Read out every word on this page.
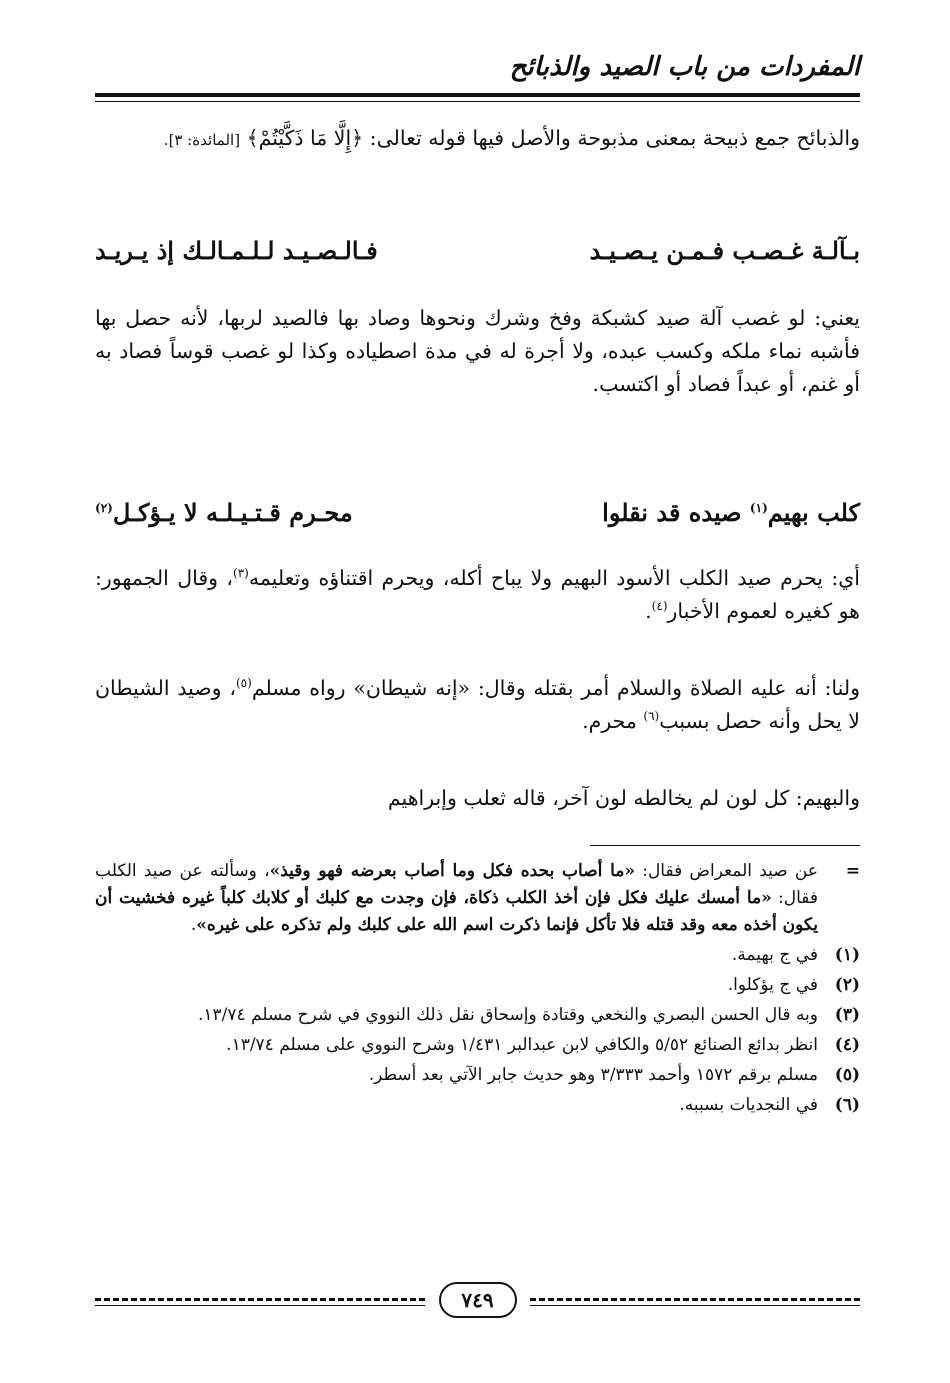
المفردات من باب الصيد والذبائح
والذبائح جمع ذبيحة بمعنى مذبوحة والأصل فيها قوله تعالى: ﴿إِلَّا مَا ذَكَّيْتُمْ﴾ [المائدة: ٣].
بـآلـة غـصـب فـمـن يـصـيـد
فـالـصـيـد لـلـمـالـك إذ يـريـد
يعني: لو غصب آلة صيد كشبكة وفخ وشرك ونحوها وصاد بها فالصيد لربها، لأنه حصل بها فأشبه نماء ملكه وكسب عبده، ولا أجرة له في مدة اصطياده وكذا لو غصب قوساً فصاد به أو غنم، أو عبداً فصاد أو اكتسب.
كلب بهيم$^{(١)}$ صيده قد نقلوا
محـرم قـتـيـلـه لا يـؤكـل$^{(٢)}$
أي: يحرم صيد الكلب الأسود البهيم ولا يباح أكله، ويحرم اقتناؤه وتعليمه$^{(٣)}$، وقال الجمهور: هو كغيره لعموم الأخبار$^{(٤)}$.
ولنا: أنه عليه الصلاة والسلام أمر بقتله وقال: «إنه شيطان» رواه مسلم$^{(٥)}$، وصيد الشيطان لا يحل وأنه حصل بسبب$^{(٦)}$ محرم.
والبهيم: كل لون لم يخالطه لون آخر، قاله ثعلب وإبراهيم
=
عن صيد المعراض فقال: «ما أصاب بحده فكل وما أصاب بعرضه فهو وقيذ»، وسألته عن صيد الكلب فقال: «ما أمسك عليك فكل فإن أخذ الكلب ذكاة، فإن وجدت مع كلبك أو كلابك كلباً غيره فخشيت أن يكون أخذه معه وقد قتله فلا تأكل فإنما ذكرت اسم الله على كلبك ولم تذكره على غيره».
(١)
في ج بهيمة.
(٢)
في ج يؤكلوا.
(٣)
وبه قال الحسن البصري والنخعي وقتادة وإسحاق نقل ذلك النووي في شرح مسلم ١٣/٧٤.
(٤)
انظر بدائع الصنائع ٥/٥٢ والكافي لابن عبدالبر ١/٤٣١ وشرح النووي على مسلم ١٣/٧٤.
(٥)
مسلم برقم ١٥٧٢ وأحمد ٣/٣٣٣ وهو حديث جابر الآتي بعد أسطر.
(٦)
في النجديات بسببه.
٧٤٩
